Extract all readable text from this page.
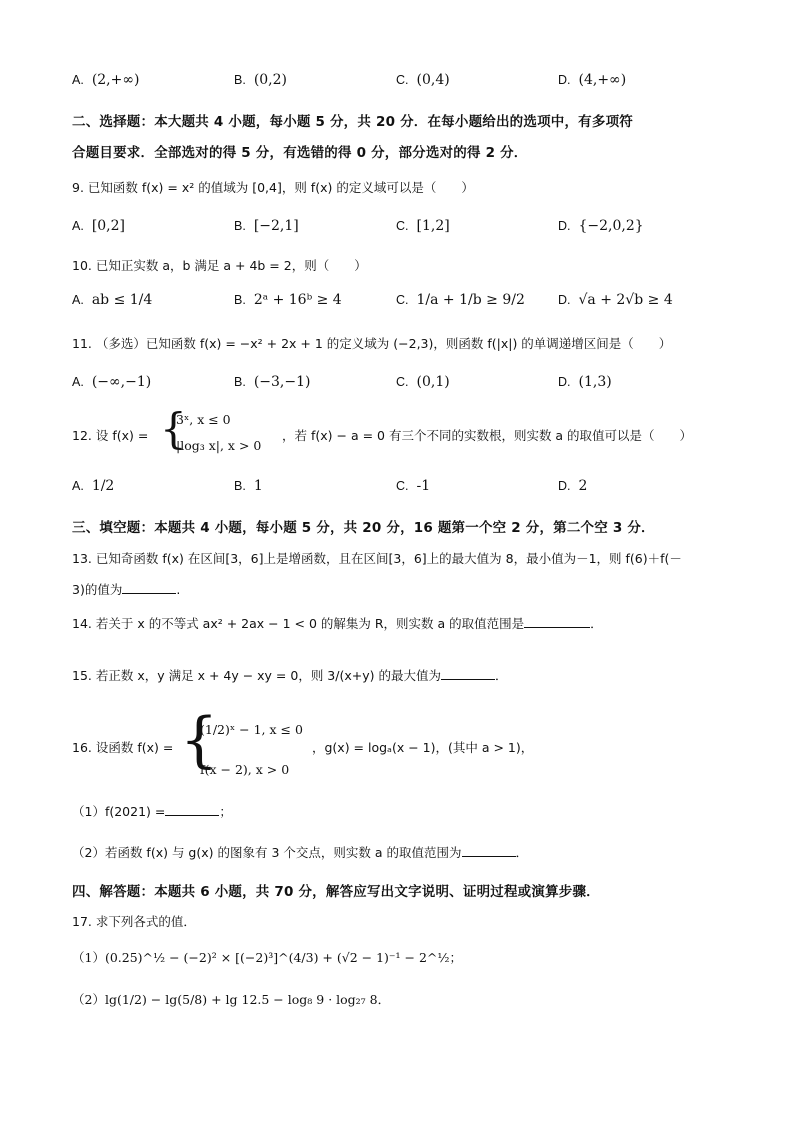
A. (2,+∞)	B. (0,2)	C. (0,4)	D. (4,+∞)
二、选择题：本大题共 4 小题，每小题 5 分，共 20 分．在每小题给出的选项中，有多项符
合题目要求．全部选对的得 5 分，有选错的得 0 分，部分选对的得 2 分．
9. 已知函数 f(x) = x² 的值域为 [0,4]，则 f(x) 的定义域可以是（　　）
A. [0,2]	B. [−2,1]	C. [1,2]	D. {−2,0,2}
10. 已知正实数 a，b 满足 a + 4b = 2，则（　　）
A. ab ≤ 1/4	B. 2ᵃ + 16ᵇ ≥ 4	C. 1/a + 1/b ≥ 9/2	D. √a + 2√b ≥ 4
11. （多选）已知函数 f(x) = −x² + 2x + 1 的定义域为 (−2,3)，则函数 f(|x|) 的单调递增区间是（　　）
A. (−∞,−1)	B. (−3,−1)	C. (0,1)	D. (1,3)
12. 设 f(x) = {
3ˣ, x ≤ 0
|log₃ x|, x > 0
，若 f(x) − a = 0 有三个不同的实数根，则实数 a 的取值可以是（　　）
A. 1/2	B. 1	C. -1	D. 2
三、填空题：本题共 4 小题，每小题 5 分，共 20 分，16 题第一个空 2 分，第二个空 3 分．
13. 已知奇函数 f(x) 在区间[3，6]上是增函数，且在区间[3，6]上的最大值为 8，最小值为－1，则 f(6)＋f(－
3)的值为	.
14. 若关于 x 的不等式 ax² + 2ax − 1 < 0 的解集为 R，则实数 a 的取值范围是	．
15. 若正数 x，y 满足 x + 4y − xy = 0，则 3/(x+y) 的最大值为	．
16. 设函数 f(x) = {
(1/2)ˣ − 1, x ≤ 0
f(x − 2), x > 0
，g(x) = logₐ(x − 1)，(其中 a > 1)，
（1）f(2021) =	；
（2）若函数 f(x) 与 g(x) 的图象有 3 个交点，则实数 a 的取值范围为	．
四、解答题：本题共 6 小题，共 70 分，解答应写出文字说明、证明过程或演算步骤．
17. 求下列各式的值．
（1）(0.25)^½ − (−2)² × [(−2)³]^(4/3) + (√2 − 1)⁻¹ − 2^½；
（2）lg(1/2) − lg(5/8) + lg 12.5 − log₈ 9 · log₂₇ 8．
